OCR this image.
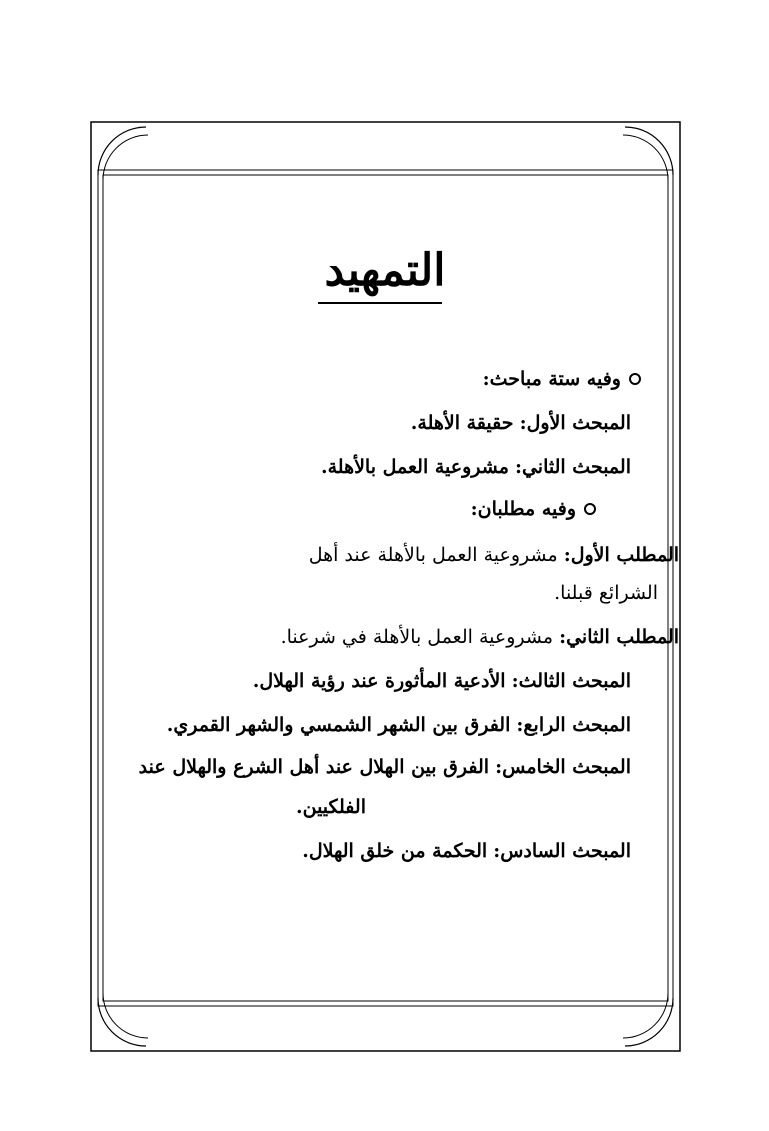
التمهيد
وفيه ستة مباحث:
المبحث الأول: حقيقة الأهلة.
المبحث الثاني: مشروعية العمل بالأهلة.
وفيه مطلبان:
المطلب الأول: مشروعية العمل بالأهلة عند أهل
الشرائع قبلنا.
المطلب الثاني: مشروعية العمل بالأهلة في شرعنا.
المبحث الثالث: الأدعية المأثورة عند رؤية الهلال.
المبحث الرابع: الفرق بين الشهر الشمسي والشهر القمري.
المبحث الخامس: الفرق بين الهلال عند أهل الشرع والهلال عند
الفلكيين.
المبحث السادس: الحكمة من خلق الهلال.
